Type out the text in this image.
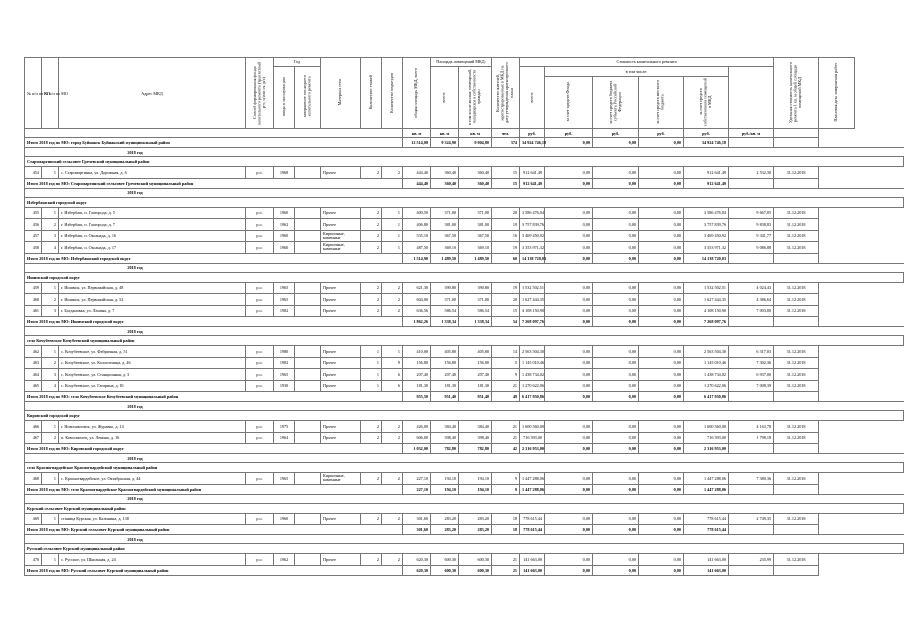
№ п/п по КП	№ п/п по МО	Адрес МКД	Способ формирования фонда капитального ремонта (транзитный р-с, и/или сч. р/с)	Год		Материал стен	Количество этажей	Количество подъездов	общая площадь МКД, всего	Площадь помещений МКД:		Количество жителей, зарегистрированных в МКД на дату утверждения краткосрочного плана	Стоимость капитального ремонта						Удельная стоимость капитального ремонта 1 кв. м общей площади помещений МКД	Плановая дата завершения работ	
				ввода в эксплуатацию	завершение последнего капитального ремонта					всего:	в том числе жилых помещений, находящихся в собственности граждан		всего:	в том числе:							
														за счет средств Фонда	за счет средств бюджета субъекта Российской Федерации	за счет средств местного бюджета	за счет средств собственников помещений в МКД				
									кв. м	кв. м	кв. м	чел.	руб.	руб.	руб.	руб.	руб.	руб./кв. м			
Итого 2018 год по МО: город Буйнакск Буйнакский муниципальный район									12 514,00	9 324,90	9 004,80	374	34 924 746,18	0,00	0,00	0,00	34 924 746,18				
2018 год																					
Старомаргинский сельсовет Гречевский муниципальный район																					
454	1	с. Старомаргинка, ул. Дорожная, д. 6	р.о.	1968		Прочее	2	2	444,40	360,40	360,40	15	912 641,49	0,00	0,00	0,00	912 641,49	2 532,30	31.12.2018		
Итого 2018 год по МО: Старомаргинский сельсовет Гречевский муниципальный район									444,40	360,40	360,40	15	912 641,49	0,00	0,00	0,00	912 641,49				
2018 год																					
Избербашский городской округ																					
455	1	г. Избербаш, п. Гаагорода, д. 5	р.о.	1960		Прочее	2	1	400,50	371,00	371,00	20	3 586 476,04	0,00	0,00	0,00	3 586 476,04	9 667,05	31.12.2018		
456	2	г. Избербаш, п. Гаагорода, д. 7	р.о.	1962		Прочее	2	1	406,80	381,00	381,00	19	3 757 839,76	0,00	0,00	0,00	3 757 839,76	9 838,83	31.12.2018		
457	3	г. Избербаш, п. Оксанада, д. 16	р.о.	1960		Кирпичные, каменные	2	1	535,10	367,50	367,50	16	3 469 450,92	0,00	0,00	0,00	3 469 450,92	9 341,77	31.12.2018		
458	4	г. Избербаш, п. Оксанада, д. 17	р.о.	1960		Кирпичные, каменные	2	1	487,50	369,10	369,10	19	3 353 971,32	0,00	0,00	0,00	3 353 971,32	9 086,88	31.12.2018		
Итого 2018 год по МО: Избербашский городской округ									1 514,90	1 489,50	1 489,50	60	14 138 720,03	0,00	0,00	0,00	14 138 720,03				
2018 год																					
Ишимский городской округ																					
459	1	г. Ишимск, ул. Первомайская, д. 48	р.о.	1965		Прочее	2	2	621,30	390,80	390,80	19	1 532 502,51	0,00	0,00	0,00	1 532 502,51	4 024,43	31.12.2018		
460	2	г. Ишимск, ул. Первомайская, д. 52	р.о.	1965		Прочее	2	2	604,00	371,00	371,00	20	1 627 444,35	0,00	0,00	0,00	1 627 444,35	4 386,64	31.12.2018		
461	3	г. Богдановка, ул. Ленина, д. 7	р.о.	1982		Прочее	2	2	636,56	586,54	586,54	15	4 108 150,90	0,00	0,00	0,00	4 108 150,90	7 003,00	31.12.2018		
Итого 2018 год по МО: Ишимский городской округ									1 862,26	1 338,34	1 338,34	54	7 268 097,76	0,00	0,00	0,00	7 268 097,76				
2018 год																					
село Кочубеевское Кочубеевский муниципальный район																					
462	1	с. Кочубеевское, ул. Фабричная, д. 51	р.о.	1980		Прочее	1	1	410,00	405,80	405,80	14	2 563 504,30	0,00	0,00	0,00	2 563 504,30	6 317,03	31.12.2018		
463	2	с. Кочубеевское, ул. Колхозтница, д. 46	р.о.	1982		Прочее	1	9	156,80	156,80	156,80	5	1 145 010,46	0,00	0,00	0,00	1 145 010,46	7 302,36	31.12.2018		
464	3	с. Кочубеевское, ул. Станционная, д. 3	р.о.	1965		Прочее	1	6	207,40	207,40	207,40	9	1 438 734,02	0,00	0,00	0,00	1 438 734,02	6 937,00	31.12.2018		
465	4	с. Кочубеевское, ул. Гагарина, д. 81	р.о.	1930		Прочее	1	6	181,30	181,30	181,30	21	1 270 622,06	0,00	0,00	0,00	1 270 622,06	7 008,39	31.12.2018		
Итого 2018 год по МО: село Кочубеевское Кочубеевский муниципальный район									955,50	951,40	951,40	49	6 417 950,86	0,00	0,00	0,00	6 417 950,86				
2018 год																					
Кировский городской округ																					
466	1	г. Новопавловск, ул. Журавко, д. 14	р.о.	1975		Прочее	2	2	426,00	384,40	384,40	21	1 600 560,00	0,00	0,00	0,00	1 600 560,00	4 163,78	31.12.2018		
467	2	п. Комсомолец, ул. Ленина, д. 16	р.о.	1964		Прочее	2	2	606,00	398,40	398,40	21	716 393,00	0,00	0,00	0,00	716 393,00	1 798,18	31.12.2018		
Итого 2018 год по МО: Кировский городской округ									1 032,00	782,80	782,80	42	2 316 953,00	0,00	0,00	0,00	2 316 953,00				
2018 год																					
село Красногвардейское Красногвардейский муниципальный район																					
468	1	с. Красногвардейское, ул. Октябрьская, д. 44	р.о.	1965		Кирпичные, каменные	2	2	227,10	194,10	194,10	9	1 447 288,06	0,00	0,00	0,00	1 447 288,06	7 380,36	31.12.2018		
Итого 2018 год по МО: село Красногвардейское Красногвардейский муниципальный район									227,10	194,10	194,10	9	1 447 288,06	0,00	0,00	0,00	1 447 288,06				
2018 год																					
Курский сельсовет Курский муниципальный район																					
469	1	станица Курская, ул. Калинина, д. 138	р.о.	1960		Прочее	2	2	301,60	283,20	283,20	18	778 615,44	0,00	0,00	0,00	778 615,44	2 749,35	31.12.2018		
Итого 2018 год по МО: Курский сельсовет Курский муниципальный район									301,60	283,20	283,20	18	778 615,44	0,00	0,00	0,00	778 615,44				
2018 год																					
Русский сельсовет Курский муниципальный район																					
470	1	с. Русское, ул. Школьная, д. 24	р.о.	1962		Прочее	2	2	620,30	600,30	600,30	21	141 663,00	0,00	0,00	0,00	141 663,00	235,99	31.12.2018		
Итого 2018 год по МО: Русский сельсовет Курский муниципальный район									620,30	600,30	600,30	21	141 663,00	0,00	0,00	0,00	141 663,00				
